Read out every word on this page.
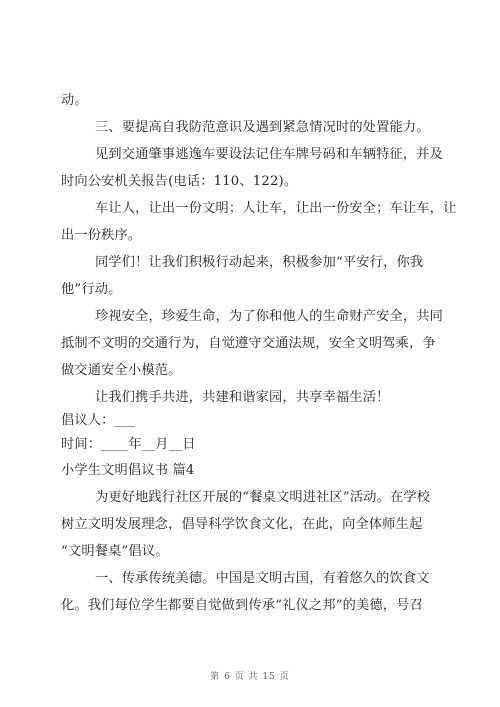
动。
三、要提高自我防范意识及遇到紧急情况时的处置能力。
见到交通肇事逃逸车要设法记住车牌号码和车辆特征，并及
时向公安机关报告(电话：110、122)。
车让人，让出一份文明；人让车，让出一份安全；车让车，让
出一份秩序。
同学们！让我们积极行动起来，积极参加“平安行，你我
他”行动。
珍视安全，珍爱生命，为了你和他人的生命财产安全，共同
抵制不文明的交通行为，自觉遵守交通法规，安全文明驾乘，争
做交通安全小模范。
让我们携手共进，共建和谐家园，共享幸福生活！
倡议人：___
时间：____年__月__日
小学生文明倡议书 篇4
为更好地践行社区开展的“餐桌文明进社区”活动。在学校
树立文明发展理念，倡导科学饮食文化，在此，向全体师生起
“文明餐桌”倡议。
一、传承传统美德。中国是文明古国，有着悠久的饮食文
化。我们每位学生都要自觉做到传承“礼仪之邦”的美德，号召
第 6 页 共 15 页
